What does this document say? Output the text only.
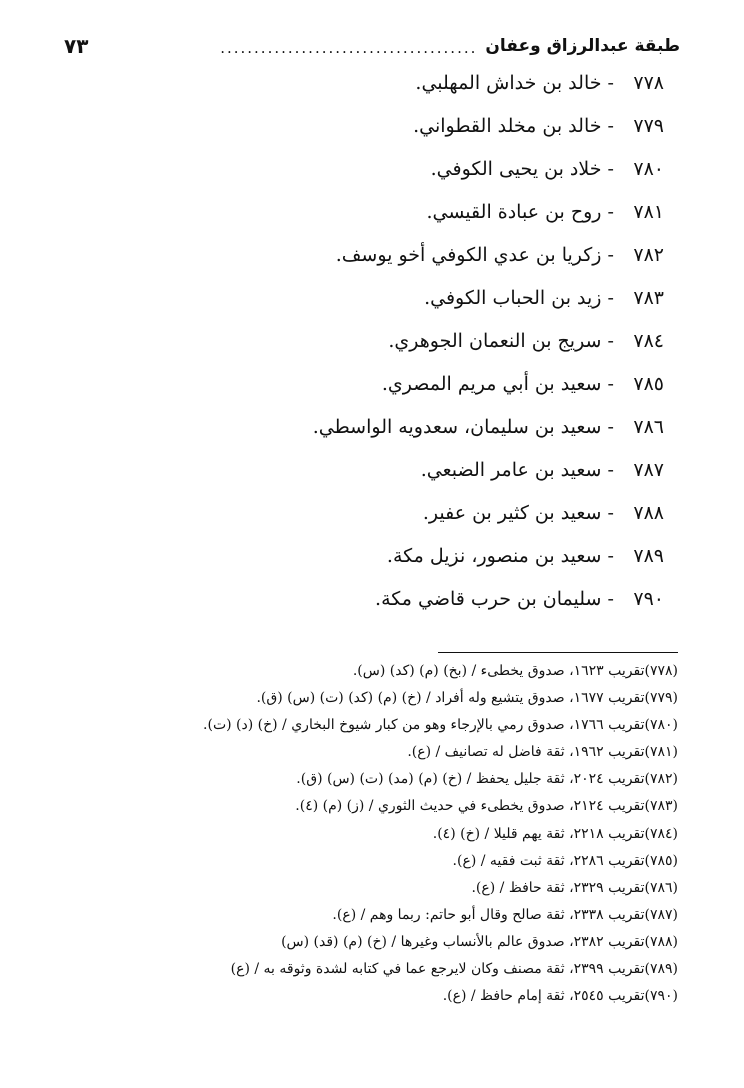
طبقة عبدالرزاق وعفان
......................................
٧٣
٧٧٨ - خالد بن خداش المهلبي.
٧٧٩ - خالد بن مخلد القطواني.
٧٨٠ - خلاد بن يحيى الكوفي.
٧٨١ - روح بن عبادة القيسي.
٧٨٢ - زكريا بن عدي الكوفي أخو يوسف.
٧٨٣ - زيد بن الحباب الكوفي.
٧٨٤ - سريج بن النعمان الجوهري.
٧٨٥ - سعيد بن أبي مريم المصري.
٧٨٦ - سعيد بن سليمان، سعدويه الواسطي.
٧٨٧ - سعيد بن عامر الضبعي.
٧٨٨ - سعيد بن كثير بن عفير.
٧٨٩ - سعيد بن منصور، نزيل مكة.
٧٩٠ - سليمان بن حرب قاضي مكة.
(٧٧٨)تقريب ١٦٢٣، صدوق يخطىء / (بخ) (م) (كد) (س).
(٧٧٩)تقريب ١٦٧٧، صدوق يتشيع وله أفراد / (خ) (م) (كد) (ت) (س) (ق).
(٧٨٠)تقريب ١٧٦٦، صدوق رمي بالإرجاء وهو من كبار شيوخ البخاري / (خ) (د) (ت).
(٧٨١)تقريب ١٩٦٢، ثقة فاضل له تصانيف / (ع).
(٧٨٢)تقريب ٢٠٢٤، ثقة جليل يحفظ / (خ) (م) (مد) (ت) (س) (ق).
(٧٨٣)تقريب ٢١٢٤، صدوق يخطىء في حديث الثوري / (ز) (م) (٤).
(٧٨٤)تقريب ٢٢١٨، ثقة يهم قليلا / (خ) (٤).
(٧٨٥)تقريب ٢٢٨٦، ثقة ثبت فقيه / (ع).
(٧٨٦)تقريب ٢٣٢٩، ثقة حافظ / (ع).
(٧٨٧)تقريب ٢٣٣٨، ثقة صالح وقال أبو حاتم: ربما وهم / (ع).
(٧٨٨)تقريب ٢٣٨٢، صدوق عالم بالأنساب وغيرها / (خ) (م) (قد) (س)
(٧٨٩)تقريب ٢٣٩٩، ثقة مصنف وكان لايرجع عما في كتابه لشدة وثوقه به / (ع)
(٧٩٠)تقريب ٢٥٤٥، ثقة إمام حافظ / (ع).
